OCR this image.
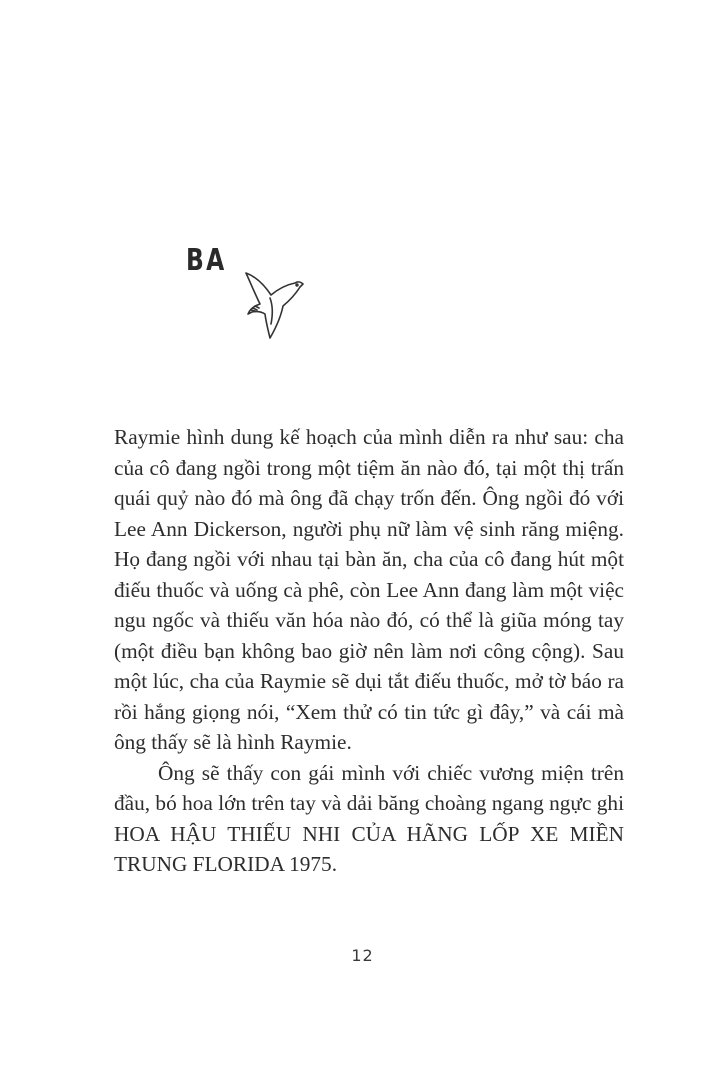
BA

Raymie hình dung kế hoạch của mình diễn ra như sau: cha của cô đang ngồi trong một tiệm ăn nào đó, tại một thị trấn quái quỷ nào đó mà ông đã chạy trốn đến. Ông ngồi đó với Lee Ann Dickerson, người phụ nữ làm vệ sinh răng miệng. Họ đang ngồi với nhau tại bàn ăn, cha của cô đang hút một điếu thuốc và uống cà phê, còn Lee Ann đang làm một việc ngu ngốc và thiếu văn hóa nào đó, có thể là giũa móng tay (một điều bạn không bao giờ nên làm nơi công cộng). Sau một lúc, cha của Raymie sẽ dụi tắt điếu thuốc, mở tờ báo ra rồi hắng giọng nói, “Xem thử có tin tức gì đây,” và cái mà ông thấy sẽ là hình Raymie.

Ông sẽ thấy con gái mình với chiếc vương miện trên đầu, bó hoa lớn trên tay và dải băng choàng ngang ngực ghi HOA HẬU THIẾU NHI CỦA HÃNG LỐP XE MIỀN TRUNG FLORIDA 1975.

12
